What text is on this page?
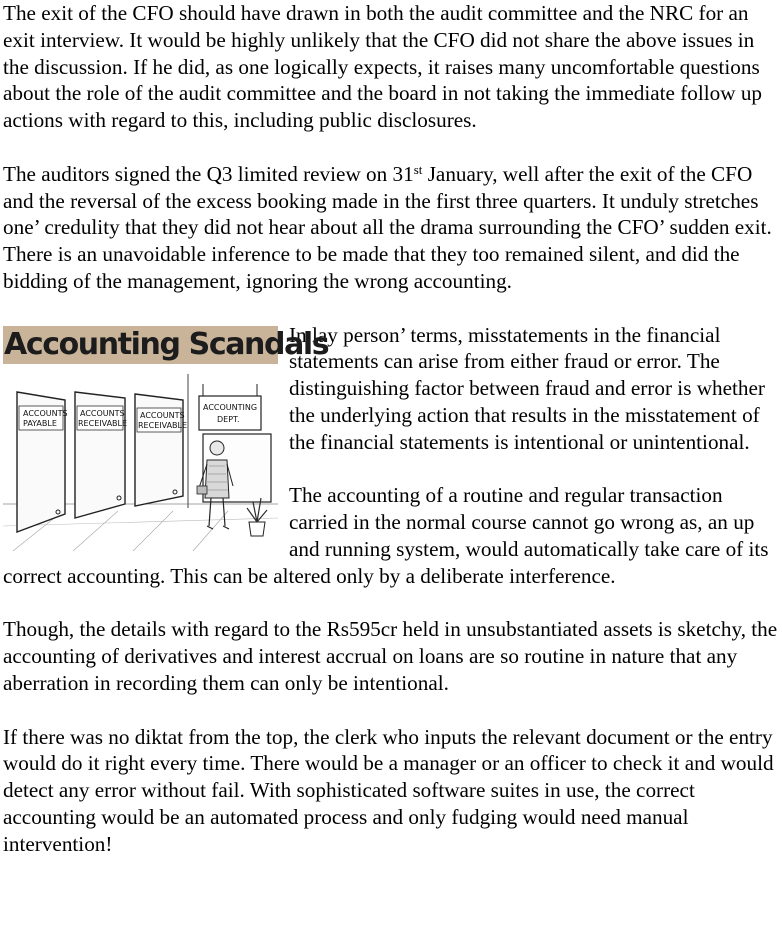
The exit of the CFO should have drawn in both the audit committee and the NRC for an exit interview. It would be highly unlikely that the CFO did not share the above issues in the discussion. If he did, as one logically expects, it raises many uncomfortable questions about the role of the audit committee and the board in not taking the immediate follow up actions with regard to this, including public disclosures.

The auditors signed the Q3 limited review on 31st January, well after the exit of the CFO and the reversal of the excess booking made in the first three quarters. It unduly stretches one’ credulity that they did not hear about all the drama surrounding the CFO’ sudden exit. There is an unavoidable inference to be made that they too remained silent, and did the bidding of the management, ignoring the wrong accounting.

ACCOUNTS
PAYABLE
ACCOUNTS
RECEIVABLE
ACCOUNTS
RECEIVABLE
ACCOUNTING
DEPT.
Accounting Scandals

In lay person’ terms, misstatements in the financial statements can arise from either fraud or error. The distinguishing factor between fraud and error is whether the underlying action that results in the misstatement of the financial statements is intentional or unintentional.

The accounting of a routine and regular transaction carried in the normal course cannot go wrong as, an up and running system, would automatically take care of its correct accounting. This can be altered only by a deliberate interference.

Though, the details with regard to the Rs595cr held in unsubstantiated assets is sketchy, the accounting of derivatives and interest accrual on loans are so routine in nature that any aberration in recording them can only be intentional.

If there was no diktat from the top, the clerk who inputs the relevant document or the entry would do it right every time. There would be a manager or an officer to check it and would detect any error without fail. With sophisticated software suites in use, the correct accounting would be an automated process and only fudging would need manual intervention!
